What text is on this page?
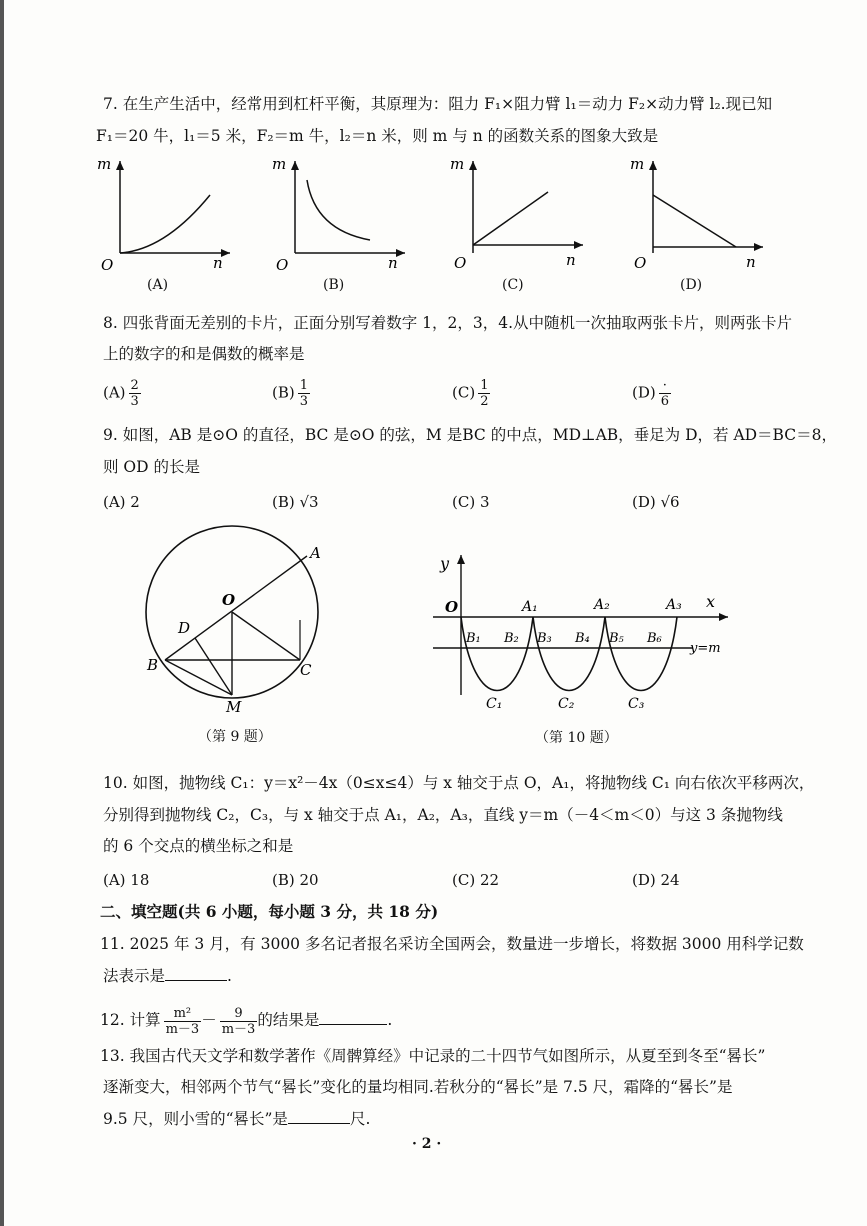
7. 在生产生活中，经常用到杠杆平衡，其原理为：阻力 F₁×阻力臂 l₁＝动力 F₂×动力臂 l₂.现已知
F₁＝20 牛，l₁＝5 米，F₂＝m 牛，l₂＝n 米，则 m 与 n 的函数关系的图象大致是
m
O	n
(A)
m
O	n
(B)
m
O	n
(C)
m
O	n
(D)
8. 四张背面无差别的卡片，正面分别写着数字 1，2，3，4.从中随机一次抽取两张卡片，则两张卡片
上的数字的和是偶数的概率是
$(A) \frac{2}{3}$	$(B) \frac{1}{3}$	$(C) \frac{1}{2}$	$(D) \frac{\cdot}{6}$
9. 如图，AB 是⊙O 的直径，BC 是⊙O 的弦，M 是BC 的中点，MD⊥AB，垂足为 D，若 AD＝BC＝8，
则 OD 的长是
(A) 2	(B) √3	(C) 3	(D) √6
A
O
D
B	C
M
（第 9 题）
y
O	x
A₁	A₂	A₃
B₁ B₂ B₃ B₄ B₅ B₆
y=m
C₁	C₂	C₃
（第 10 题）
10. 如图，抛物线 C₁：y＝x²－4x（0≤x≤4）与 x 轴交于点 O，A₁，将抛物线 C₁ 向右依次平移两次，
分别得到抛物线 C₂，C₃，与 x 轴交于点 A₁，A₂，A₃，直线 y＝m（－4＜m＜0）与这 3 条抛物线
的 6 个交点的横坐标之和是
(A) 18	(B) 20	(C) 22	(D) 24
二、填空题(共 6 小题，每小题 3 分，共 18 分)
11. 2025 年 3 月，有 3000 多名记者报名采访全国两会，数量进一步增长，将数据 3000 用科学记数
法表示是	.
12. 计算 $\frac{\text{m²}}{m-3} - \frac{9}{m-3}$ 的结果是	.
13. 我国古代天文学和数学著作《周髀算经》中记录的二十四节气如图所示，从夏至到冬至“晷长”
逐渐变大，相邻两个节气“晷长”变化的量均相同.若秋分的“晷长”是 7.5 尺，霜降的“晷长”是
9.5 尺，则小雪的“晷长”是	尺.
· 2 ·
